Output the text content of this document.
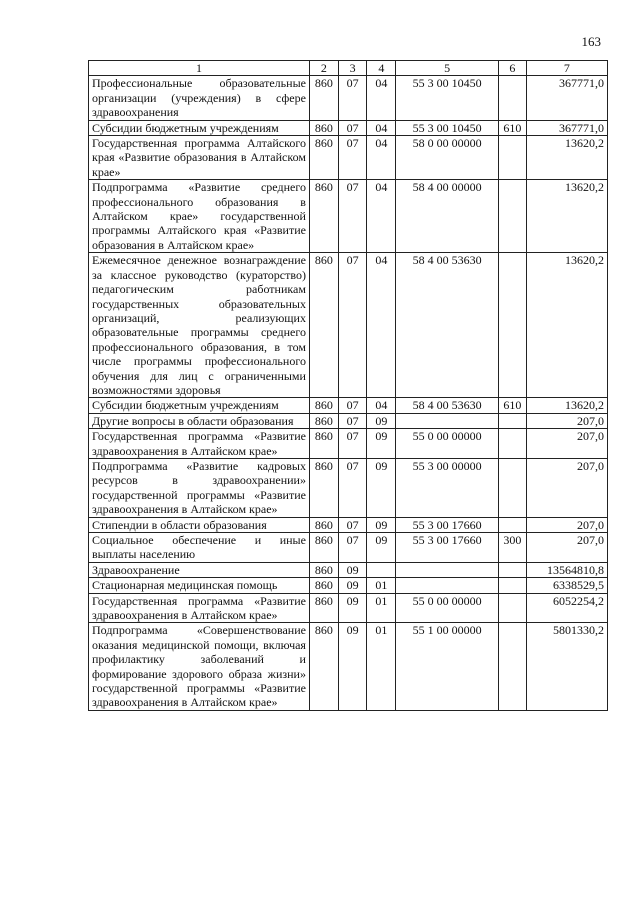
163
1	2	3	4	5	6	7
Профессиональные образовательные организации (учреждения) в сфере здравоохранения	860	07	04	55 3 00 10450		367771,0
Субсидии бюджетным учреждениям	860	07	04	55 3 00 10450	610	367771,0
Государственная программа Алтайского края «Развитие образования в Алтайском крае»	860	07	04	58 0 00 00000		13620,2
Подпрограмма «Развитие среднего профессионального образования в Алтайском крае» государственной программы Алтайского края «Развитие образования в Алтайском крае»	860	07	04	58 4 00 00000		13620,2
Ежемесячное денежное вознаграждение за классное руководство (кураторство) педагогическим работникам государственных образовательных организаций, реализующих образовательные программы среднего профессионального образования, в том числе программы профессионального обучения для лиц с ограниченными возможностями здоровья	860	07	04	58 4 00 53630		13620,2
Субсидии бюджетным учреждениям	860	07	04	58 4 00 53630	610	13620,2
Другие вопросы в области образования	860	07	09			207,0
Государственная программа «Развитие здравоохранения в Алтайском крае»	860	07	09	55 0 00 00000		207,0
Подпрограмма «Развитие кадровых ресурсов в здравоохранении» государственной программы «Развитие здравоохранения в Алтайском крае»	860	07	09	55 3 00 00000		207,0
Стипендии в области образования	860	07	09	55 3 00 17660		207,0
Социальное обеспечение и иные выплаты населению	860	07	09	55 3 00 17660	300	207,0
Здравоохранение	860	09				13564810,8
Стационарная медицинская помощь	860	09	01			6338529,5
Государственная программа «Развитие здравоохранения в Алтайском крае»	860	09	01	55 0 00 00000		6052254,2
Подпрограмма «Совершенствование оказания медицинской помощи, включая профилактику заболеваний и формирование здорового образа жизни» государственной программы «Развитие здравоохранения в Алтайском крае»	860	09	01	55 1 00 00000		5801330,2
